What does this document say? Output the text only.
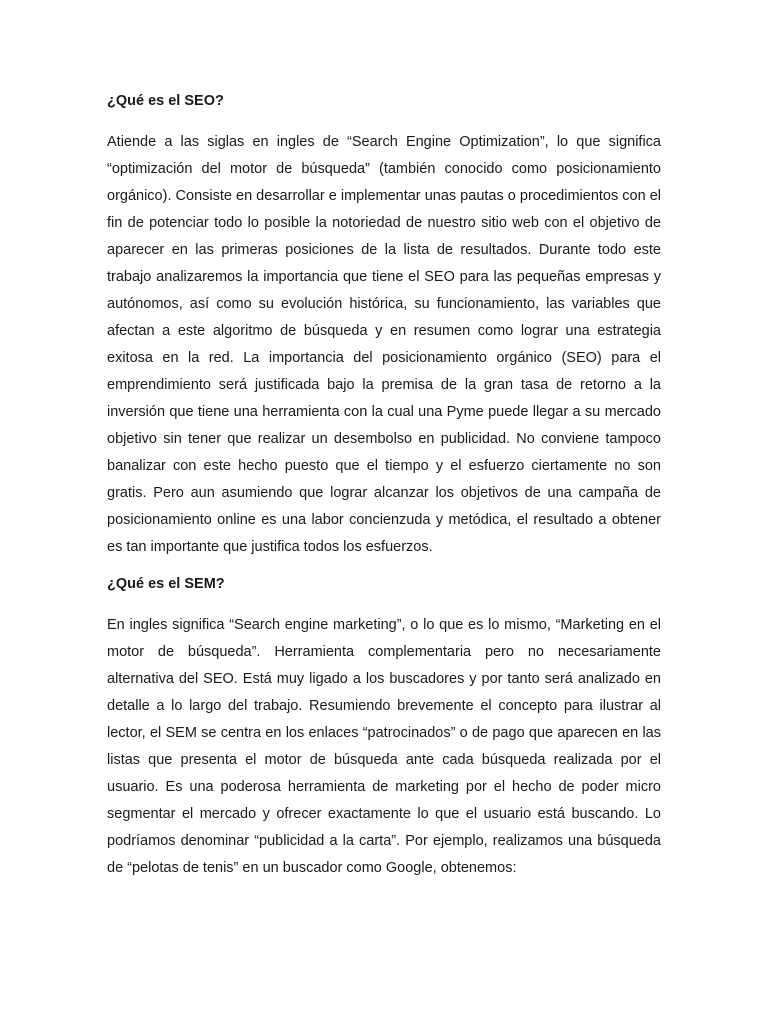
¿Qué es el SEO?

Atiende a las siglas en ingles de “Search Engine Optimization”, lo que significa “optimización del motor de búsqueda” (también conocido como posicionamiento orgánico). Consiste en desarrollar e implementar unas pautas o procedimientos con el fin de potenciar todo lo posible la notoriedad de nuestro sitio web con el objetivo de aparecer en las primeras posiciones de la lista de resultados. Durante todo este trabajo analizaremos la importancia que tiene el SEO para las pequeñas empresas y autónomos, así como su evolución histórica, su funcionamiento, las variables que afectan a este algoritmo de búsqueda y en resumen como lograr una estrategia exitosa en la red. La importancia del posicionamiento orgánico (SEO) para el emprendimiento será justificada bajo la premisa de la gran tasa de retorno a la inversión que tiene una herramienta con la cual una Pyme puede llegar a su mercado objetivo sin tener que realizar un desembolso en publicidad. No conviene tampoco banalizar con este hecho puesto que el tiempo y el esfuerzo ciertamente no son gratis. Pero aun asumiendo que lograr alcanzar los objetivos de una campaña de posicionamiento online es una labor concienzuda y metódica, el resultado a obtener es tan importante que justifica todos los esfuerzos.

¿Qué es el SEM?

En ingles significa “Search engine marketing”, o lo que es lo mismo, “Marketing en el motor de búsqueda”. Herramienta complementaria pero no necesariamente alternativa del SEO. Está muy ligado a los buscadores y por tanto será analizado en detalle a lo largo del trabajo. Resumiendo brevemente el concepto para ilustrar al lector, el SEM se centra en los enlaces “patrocinados” o de pago que aparecen en las listas que presenta el motor de búsqueda ante cada búsqueda realizada por el usuario. Es una poderosa herramienta de marketing por el hecho de poder micro segmentar el mercado y ofrecer exactamente lo que el usuario está buscando. Lo podríamos denominar “publicidad a la carta”. Por ejemplo, realizamos una búsqueda de “pelotas de tenis” en un buscador como Google, obtenemos:
